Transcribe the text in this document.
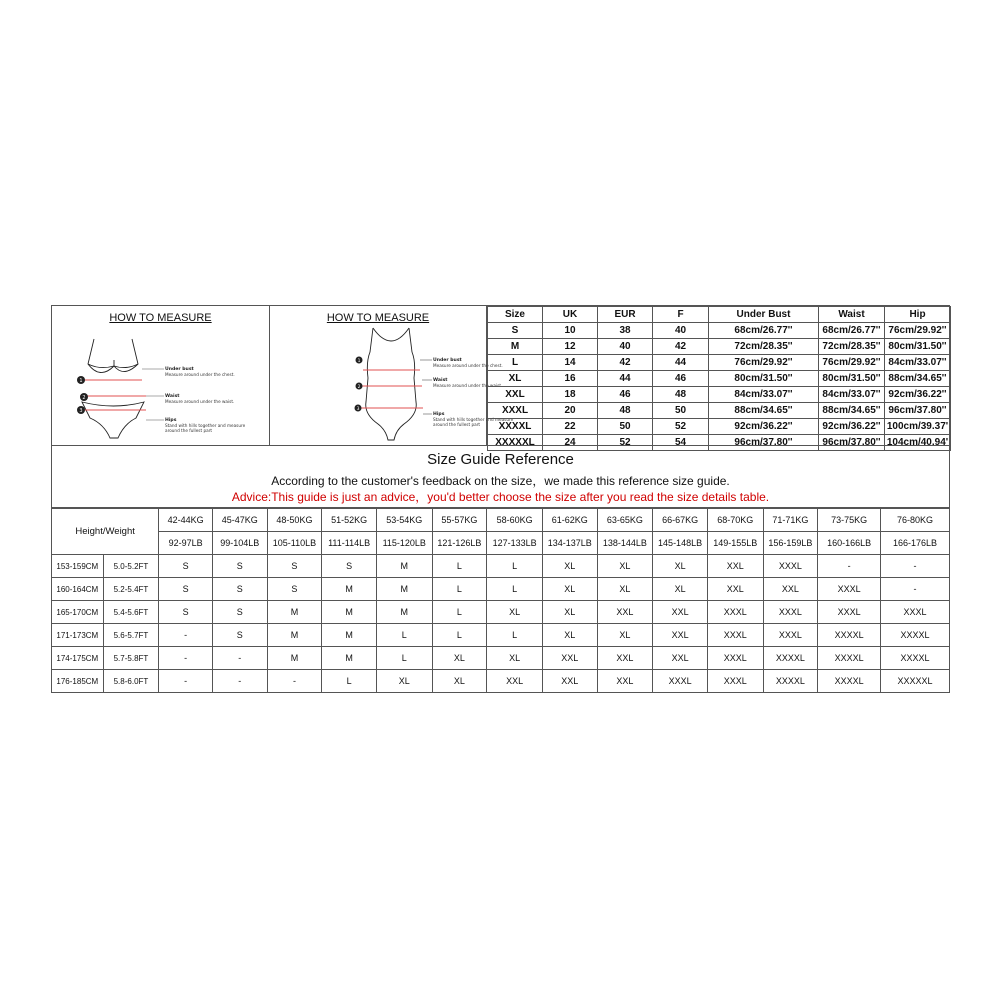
HOW TO MEASURE
1
2
3
Under bust
Measure around under the chest.
Waist
Measure around under the waist.
Hips
Stand with hills together and measure
around the fullest part
HOW TO MEASURE
1
2
3
Under bust
Measure around under the chest.
Waist
Measure around under the waist.
Hips
Stand with hills together and measure
around the fullest part
Size	UK	EUR	F	Under Bust	Waist	Hip
S	10	38	40	68cm/26.77''	68cm/26.77''	76cm/29.92''
M	12	40	42	72cm/28.35''	72cm/28.35''	80cm/31.50''
L	14	42	44	76cm/29.92''	76cm/29.92''	84cm/33.07''
XL	16	44	46	80cm/31.50''	80cm/31.50''	88cm/34.65''
XXL	18	46	48	84cm/33.07''	84cm/33.07''	92cm/36.22''
XXXL	20	48	50	88cm/34.65''	88cm/34.65''	96cm/37.80''
XXXXL	22	50	52	92cm/36.22''	92cm/36.22''	100cm/39.37'
XXXXXL	24	52	54	96cm/37.80''	96cm/37.80''	104cm/40.94'
Size Guide Reference
According to the customer's feedback on the size，we made this reference size guide.
Advice:This guide is just an advice，you'd better choose the size after you read the size details table.
Height/Weight		42-44KG	45-47KG	48-50KG	51-52KG	53-54KG	55-57KG	58-60KG	61-62KG	63-65KG	66-67KG	68-70KG	71-71KG	73-75KG	76-80KG
		92-97LB	99-104LB	105-110LB	111-114LB	115-120LB	121-126LB	127-133LB	134-137LB	138-144LB	145-148LB	149-155LB	156-159LB	160-166LB	166-176LB
153-159CM	5.0-5.2FT	S	S	S	S	M	L	L	XL	XL	XL	XXL	XXXL	-	-
160-164CM	5.2-5.4FT	S	S	S	M	M	L	L	XL	XL	XL	XXL	XXL	XXXL	-
165-170CM	5.4-5.6FT	S	S	M	M	M	L	XL	XL	XXL	XXL	XXXL	XXXL	XXXL	XXXL
171-173CM	5.6-5.7FT	-	S	M	M	L	L	L	XL	XL	XXL	XXXL	XXXL	XXXXL	XXXXL
174-175CM	5.7-5.8FT	-	-	M	M	L	XL	XL	XXL	XXL	XXL	XXXL	XXXXL	XXXXL	XXXXL
176-185CM	5.8-6.0FT	-	-	-	L	XL	XL	XXL	XXL	XXL	XXXL	XXXL	XXXXL	XXXXL	XXXXXL
